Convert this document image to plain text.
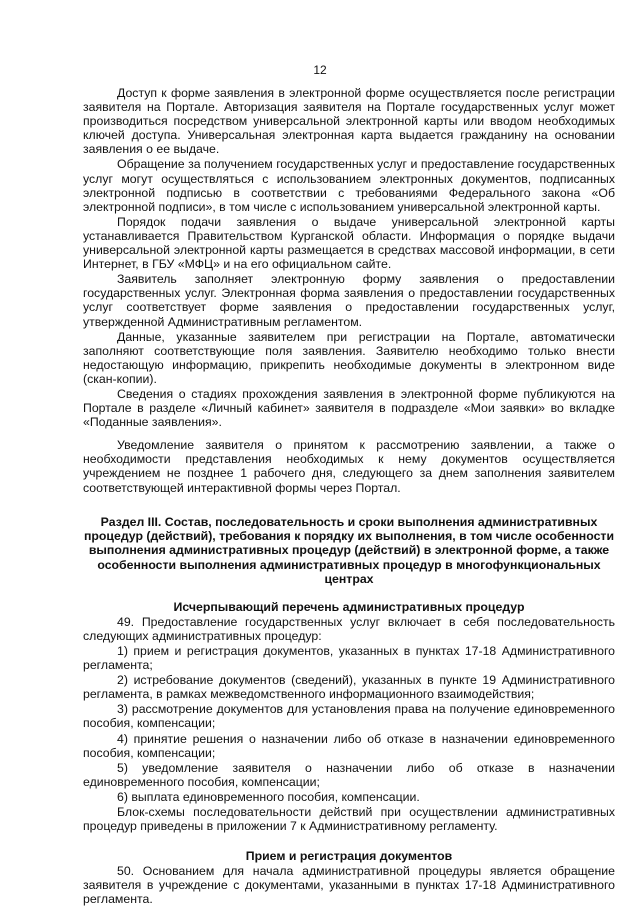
12

Доступ к форме заявления в электронной форме осуществляется после регистрации заявителя на Портале. Авторизация заявителя на Портале государственных услуг может производиться посредством универсальной электронной карты или вводом необходимых ключей доступа. Универсальная электронная карта выдается гражданину на основании заявления о ее выдаче.

Обращение за получением государственных услуг и предоставление государственных услуг могут осуществляться с использованием электронных документов, подписанных электронной подписью в соответствии с требованиями Федерального закона «Об электронной подписи», в том числе с использованием универсальной электронной карты.

Порядок подачи заявления о выдаче универсальной электронной карты устанавливается Правительством Курганской области. Информация о порядке выдачи универсальной электронной карты размещается в средствах массовой информации, в сети Интернет, в ГБУ «МФЦ» и на его официальном сайте.

Заявитель заполняет электронную форму заявления о предоставлении государственных услуг. Электронная форма заявления о предоставлении государственных услуг соответствует форме заявления о предоставлении государственных услуг, утвержденной Административным регламентом.

Данные, указанные заявителем при регистрации на Портале, автоматически заполняют соответствующие поля заявления. Заявителю необходимо только внести недостающую информацию, прикрепить необходимые документы в электронном виде (скан-копии).

Сведения о стадиях прохождения заявления в электронной форме публикуются на Портале в разделе «Личный кабинет» заявителя в подразделе «Мои заявки» во вкладке «Поданные заявления».

Уведомление заявителя о принятом к рассмотрению заявлении, а также о необходимости представления необходимых к нему документов осуществляется учреждением не позднее 1 рабочего дня, следующего за днем заполнения заявителем соответствующей интерактивной формы через Портал.

Раздел III. Состав, последовательность и сроки выполнения административных процедур (действий), требования к порядку их выполнения, в том числе особенности выполнения административных процедур (действий) в электронной форме, а также особенности выполнения административных процедур в многофункциональных центрах

Исчерпывающий перечень административных процедур

49. Предоставление государственных услуг включает в себя последовательность следующих административных процедур:

1) прием и регистрация документов, указанных в пунктах 17-18 Административного регламента;

2) истребование документов (сведений), указанных в пункте 19 Административного регламента, в рамках межведомственного информационного взаимодействия;

3) рассмотрение документов для установления права на получение единовременного пособия, компенсации;

4) принятие решения о назначении либо об отказе в назначении единовременного пособия, компенсации;

5) уведомление заявителя о назначении либо об отказе в назначении единовременного пособия, компенсации;

6) выплата единовременного пособия, компенсации.

Блок-схемы последовательности действий при осуществлении административных процедур приведены в приложении 7 к Административному регламенту.

Прием и регистрация документов

50. Основанием для начала административной процедуры является обращение заявителя в учреждение с документами, указанными в пунктах 17-18 Административного регламента.
